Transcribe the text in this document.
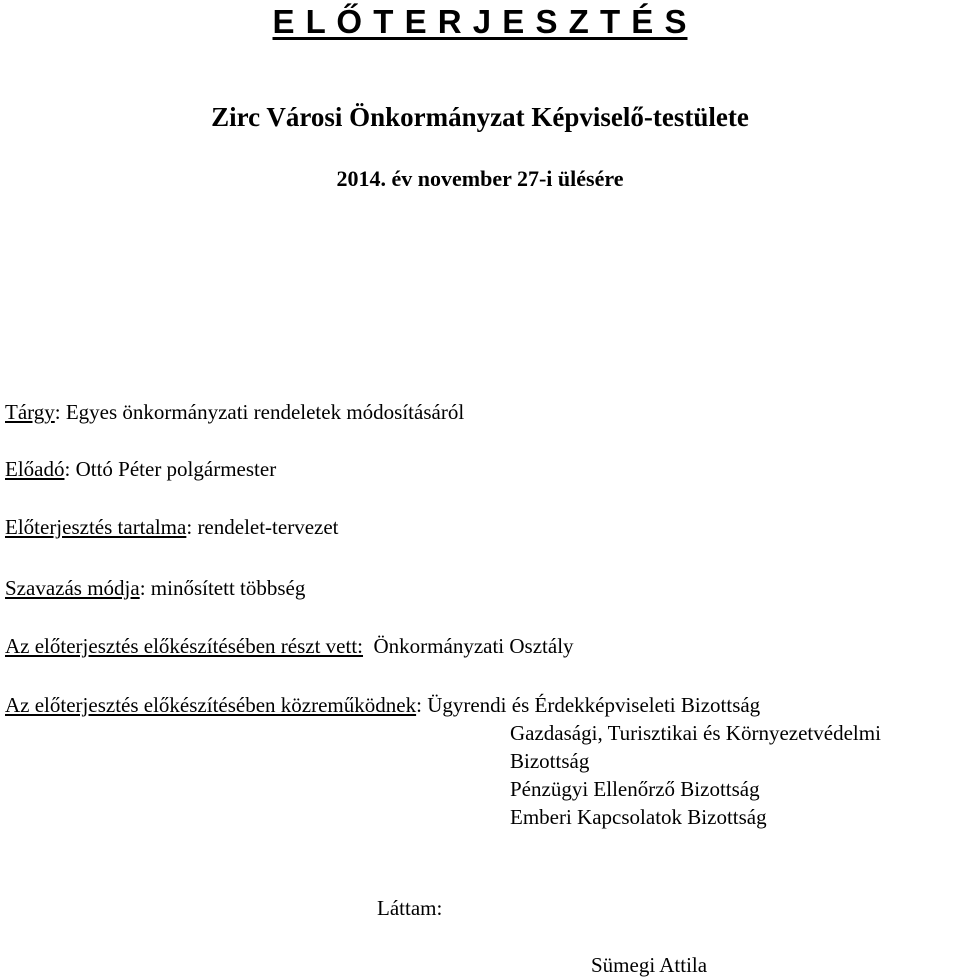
E L Ő T E R J E S Z T É S
Zirc Városi Önkormányzat Képviselő-testülete
2014. év november 27-i ülésére
Tárgy: Egyes önkormányzati rendeletek módosításáról
Előadó: Ottó Péter polgármester
Előterjesztés tartalma: rendelet-tervezet
Szavazás módja: minősített többség
Az előterjesztés előkészítésében részt vett: Önkormányzati Osztály
Az előterjesztés előkészítésében közreműködnek: Ügyrendi és Érdekképviseleti Bizottság
Gazdasági, Turisztikai és Környezetvédelmi
Bizottság
Pénzügyi Ellenőrző Bizottság
Emberi Kapcsolatok Bizottság
Láttam:
Sümegi Attila
